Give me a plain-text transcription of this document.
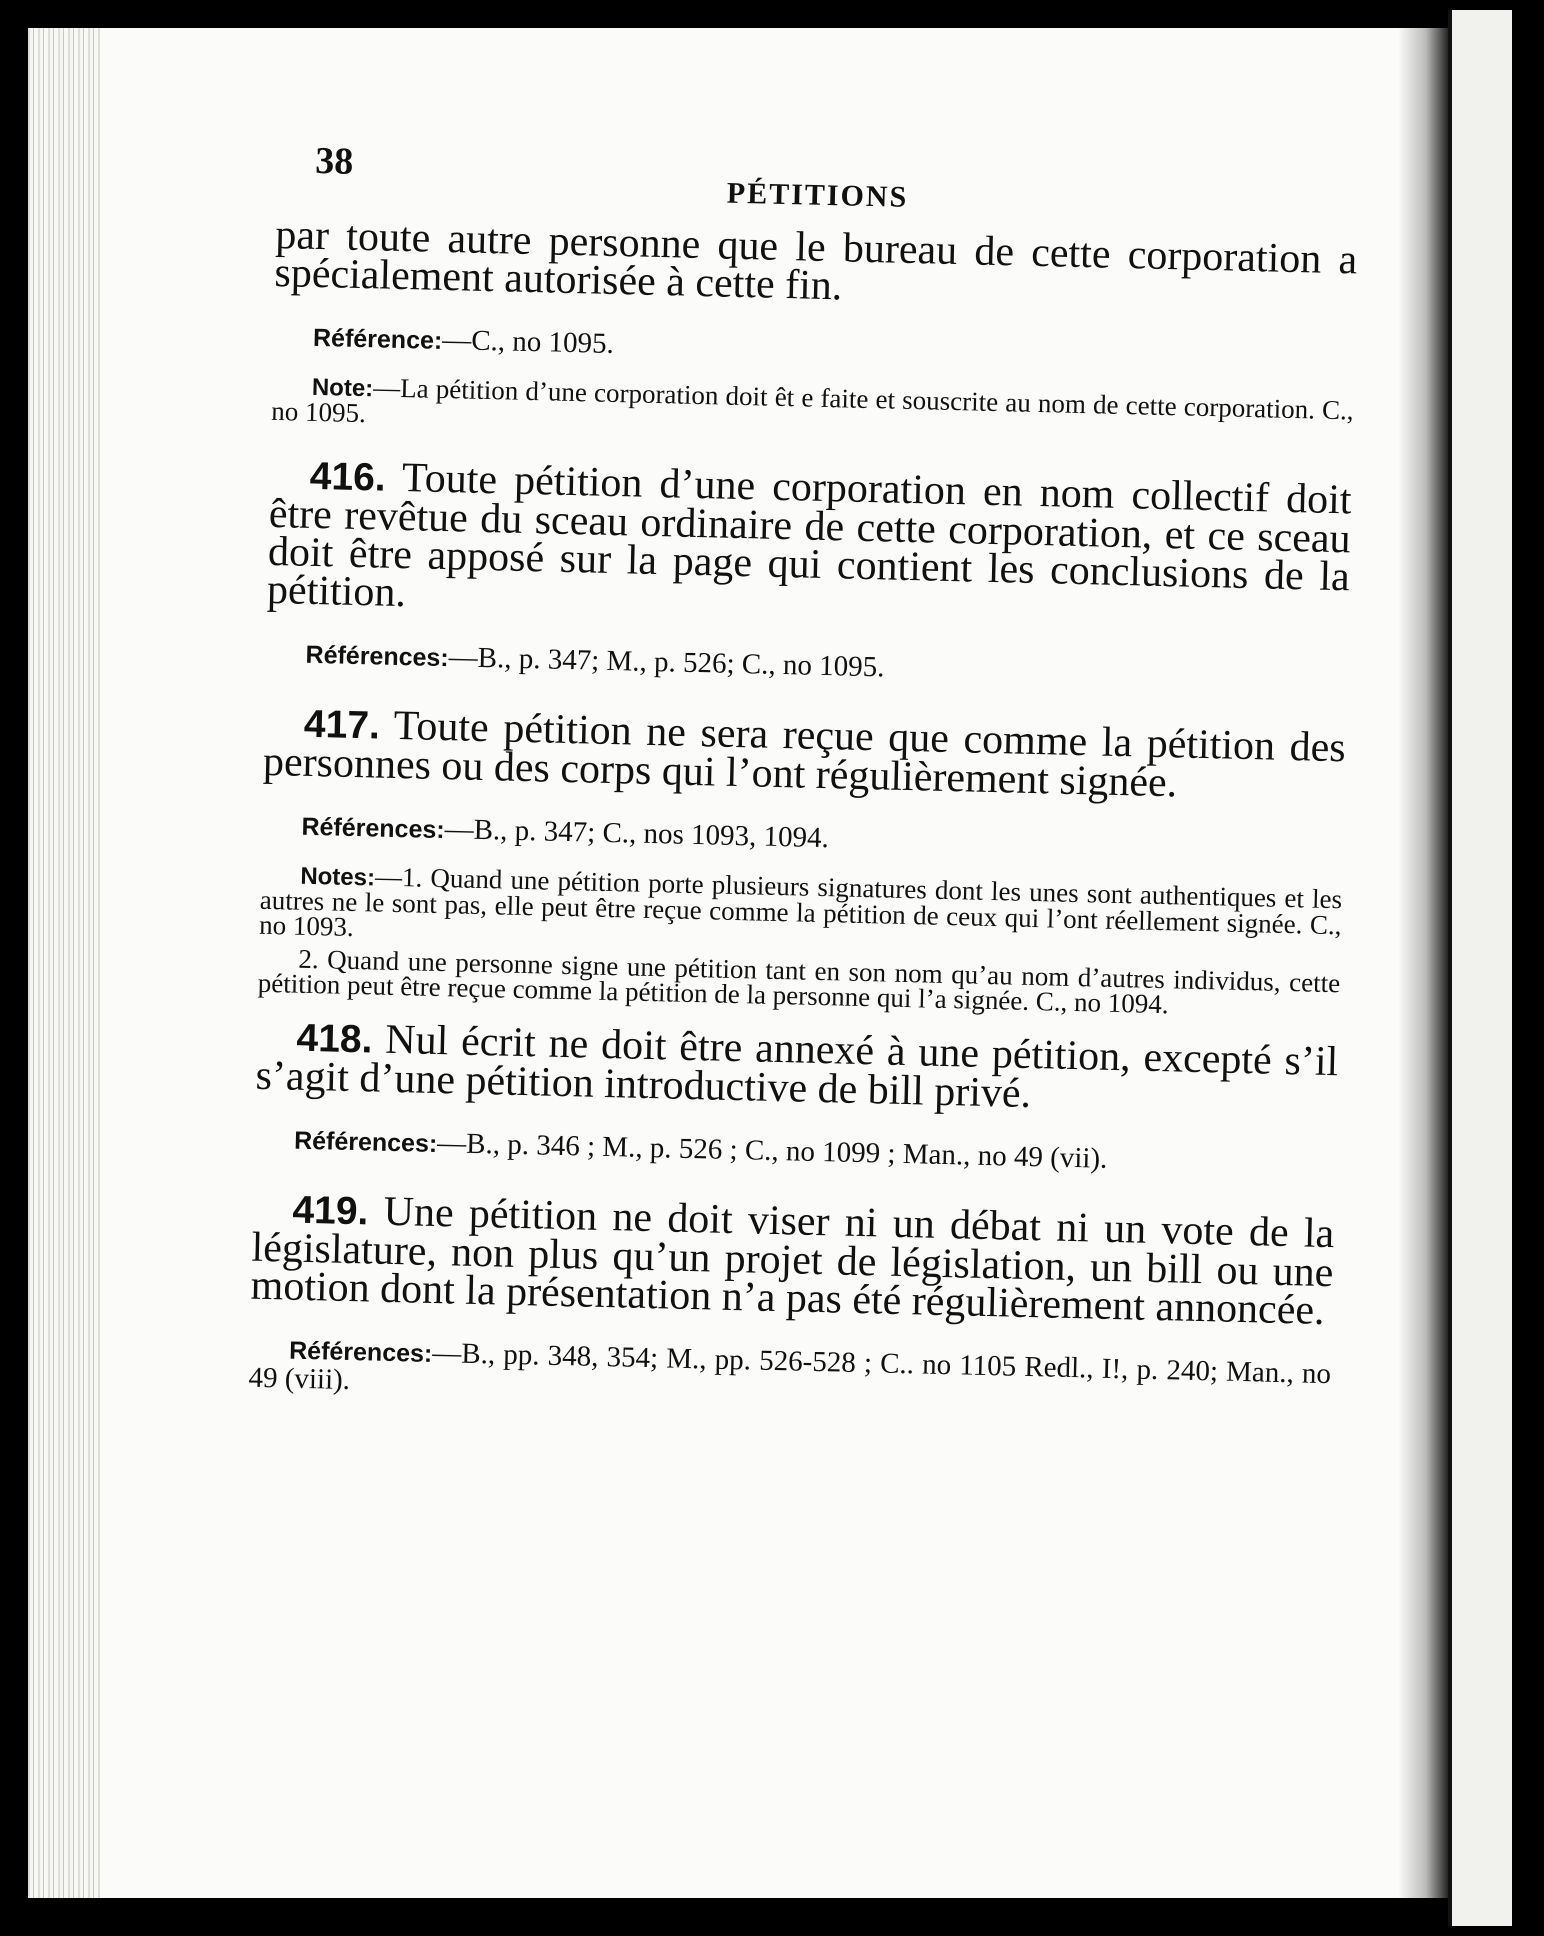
38
PÉTITIONS

par toute autre personne que le bureau de cette corporation a spécialement autorisée à cette fin.

Référence:—C., no 1095.

Note:—La pétition d’une corporation doit êt e faite et souscrite au nom de cette corporation. C., no 1095.

416. Toute pétition d’une corporation en nom collectif doit être revêtue du sceau ordinaire de cette corporation, et ce sceau doit être apposé sur la page qui contient les conclusions de la pétition.

Références:—B., p. 347; M., p. 526; C., no 1095.

417. Toute pétition ne sera reçue que comme la pétition des personnes ou des corps qui l’ont régulièrement signée.

Références:—B., p. 347; C., nos 1093, 1094.

Notes:—1. Quand une pétition porte plusieurs signatures dont les unes sont authentiques et les autres ne le sont pas, elle peut être reçue comme la pétition de ceux qui l’ont réellement signée. C., no 1093.

2. Quand une personne signe une pétition tant en son nom qu’au nom d’autres individus, cette pétition peut être reçue comme la pétition de la personne qui l’a signée. C., no 1094.

418. Nul écrit ne doit être annexé à une pétition, excepté s’il s’agit d’une pétition introductive de bill privé.

Références:—B., p. 346 ; M., p. 526 ; C., no 1099 ; Man., no 49 (vii).

419. Une pétition ne doit viser ni un débat ni un vote de la législature, non plus qu’un projet de législation, un bill ou une motion dont la présentation n’a pas été régulièrement annoncée.

Références:—B., pp. 348, 354; M., pp. 526-528 ; C.. no 1105 Redl., I!, p. 240; Man., no 49 (viii).
